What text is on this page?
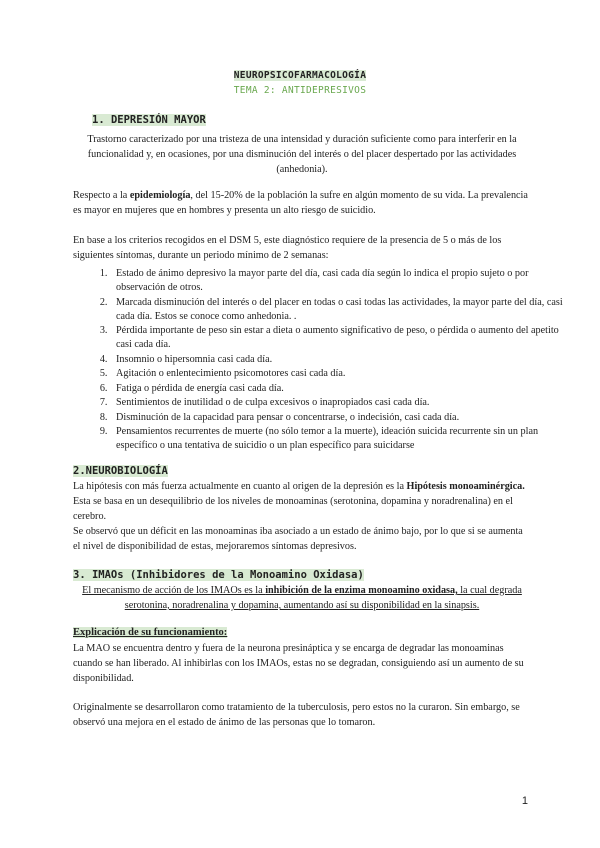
NEUROPSICOFARMACOLOGÍA
TEMA 2: ANTIDEPRESIVOS
1. DEPRESIÓN MAYOR

Trastorno caracterizado por una tristeza de una intensidad y duración suficiente como para interferir en la funcionalidad y, en ocasiones, por una disminución del interés o del placer despertado por las actividades (anhedonia).

Respecto a la epidemiología, del 15-20% de la población la sufre en algún momento de su vida. La prevalencia es mayor en mujeres que en hombres y presenta un alto riesgo de suicidio.

En base a los criterios recogidos en el DSM 5, este diagnóstico requiere de la presencia de 5 o más de los siguientes síntomas, durante un periodo mínimo de 2 semanas:

1. Estado de ánimo depresivo la mayor parte del día, casi cada día según lo indica el propio sujeto o por observación de otros.
2. Marcada disminución del interés o del placer en todas o casi todas las actividades, la mayor parte del día, casi cada día. Estos se conoce como anhedonia. .
3. Pérdida importante de peso sin estar a dieta o aumento significativo de peso, o pérdida o aumento del apetito casi cada día.
4. Insomnio o hipersomnia casi cada día.
5. Agitación o enlentecimiento psicomotores casi cada día.
6. Fatiga o pérdida de energía casi cada día.
7. Sentimientos de inutilidad o de culpa excesivos o inapropiados casi cada día.
8. Disminución de la capacidad para pensar o concentrarse, o indecisión, casi cada día.
9. Pensamientos recurrentes de muerte (no sólo temor a la muerte), ideación suicida recurrente sin un plan específico o una tentativa de suicidio o un plan específico para suicidarse
2.NEUROBIOLOGÍA

La hipótesis con más fuerza actualmente en cuanto al origen de la depresión es la Hipótesis monoaminérgica. Esta se basa en un desequilibrio de los niveles de monoaminas (serotonina, dopamina y noradrenalina) en el cerebro.

Se observó que un déficit en las monoaminas iba asociado a un estado de ánimo bajo, por lo que si se aumenta el nivel de disponibilidad de estas, mejoraremos síntomas depresivos.

3. IMAOs (Inhibidores de la Monoamino Oxidasa)

El mecanismo de acción de los IMAOs es la inhibición de la enzima monoamino oxidasa, la cual degrada serotonina, noradrenalina y dopamina, aumentando así su disponibilidad en la sinapsis.

Explicación de su funcionamiento:

La MAO se encuentra dentro y fuera de la neurona presináptica y se encarga de degradar las monoaminas cuando se han liberado. Al inhibirlas con los IMAOs, estas no se degradan, consiguiendo así un aumento de su disponibilidad.

Originalmente se desarrollaron como tratamiento de la tuberculosis, pero estos no la curaron. Sin embargo, se observó una mejora en el estado de ánimo de las personas que lo tomaron.

1
